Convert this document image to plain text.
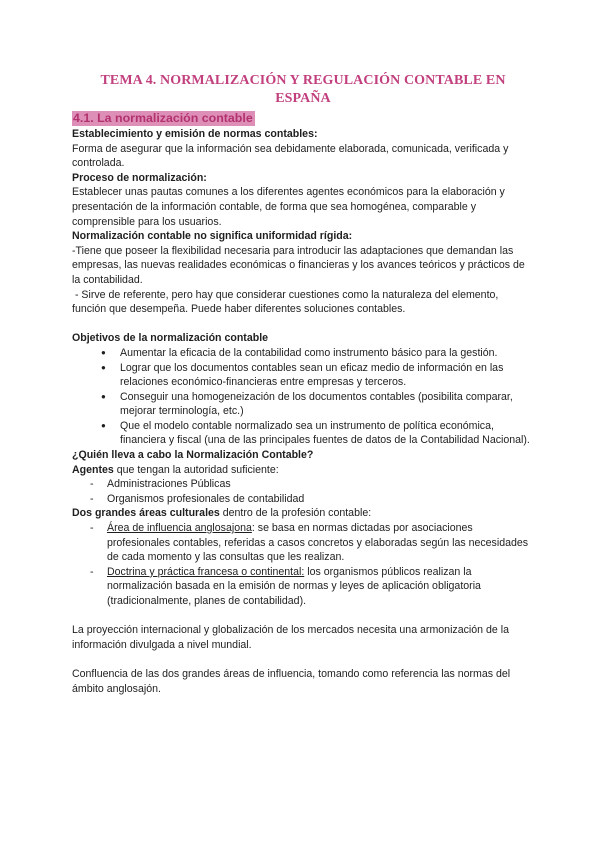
TEMA 4. NORMALIZACIÓN Y REGULACIÓN CONTABLE EN ESPAÑA
4.1. La normalización contable

Establecimiento y emisión de normas contables:

Forma de asegurar que la información sea debidamente elaborada, comunicada, verificada y controlada.

Proceso de normalización:

Establecer unas pautas comunes a los diferentes agentes económicos para la elaboración y presentación de la información contable, de forma que sea homogénea, comparable y comprensible para los usuarios.

Normalización contable no significa uniformidad rígida:

-Tiene que poseer la flexibilidad necesaria para introducir las adaptaciones que demandan las empresas, las nuevas realidades económicas o financieras y los avances teóricos y prácticos de la contabilidad.

- Sirve de referente, pero hay que considerar cuestiones como la naturaleza del elemento, función que desempeña. Puede haber diferentes soluciones contables.

Objetivos de la normalización contable

● Aumentar la eficacia de la contabilidad como instrumento básico para la gestión.
● Lograr que los documentos contables sean un eficaz medio de información en las relaciones económico-financieras entre empresas y terceros.
● Conseguir una homogeneización de los documentos contables (posibilita comparar, mejorar terminología, etc.)
● Que el modelo contable normalizado sea un instrumento de política económica, financiera y fiscal (una de las principales fuentes de datos de la Contabilidad Nacional).

¿Quién lleva a cabo la Normalización Contable?

Agentes que tengan la autoridad suficiente:

- Administraciones Públicas
- Organismos profesionales de contabilidad

Dos grandes áreas culturales dentro de la profesión contable:

- Área de influencia anglosajona: se basa en normas dictadas por asociaciones profesionales contables, referidas a casos concretos y elaboradas según las necesidades de cada momento y las consultas que les realizan.
- Doctrina y práctica francesa o continental: los organismos públicos realizan la normalización basada en la emisión de normas y leyes de aplicación obligatoria (tradicionalmente, planes de contabilidad).

La proyección internacional y globalización de los mercados necesita una armonización de la información divulgada a nivel mundial.

Confluencia de las dos grandes áreas de influencia, tomando como referencia las normas del ámbito anglosajón.
